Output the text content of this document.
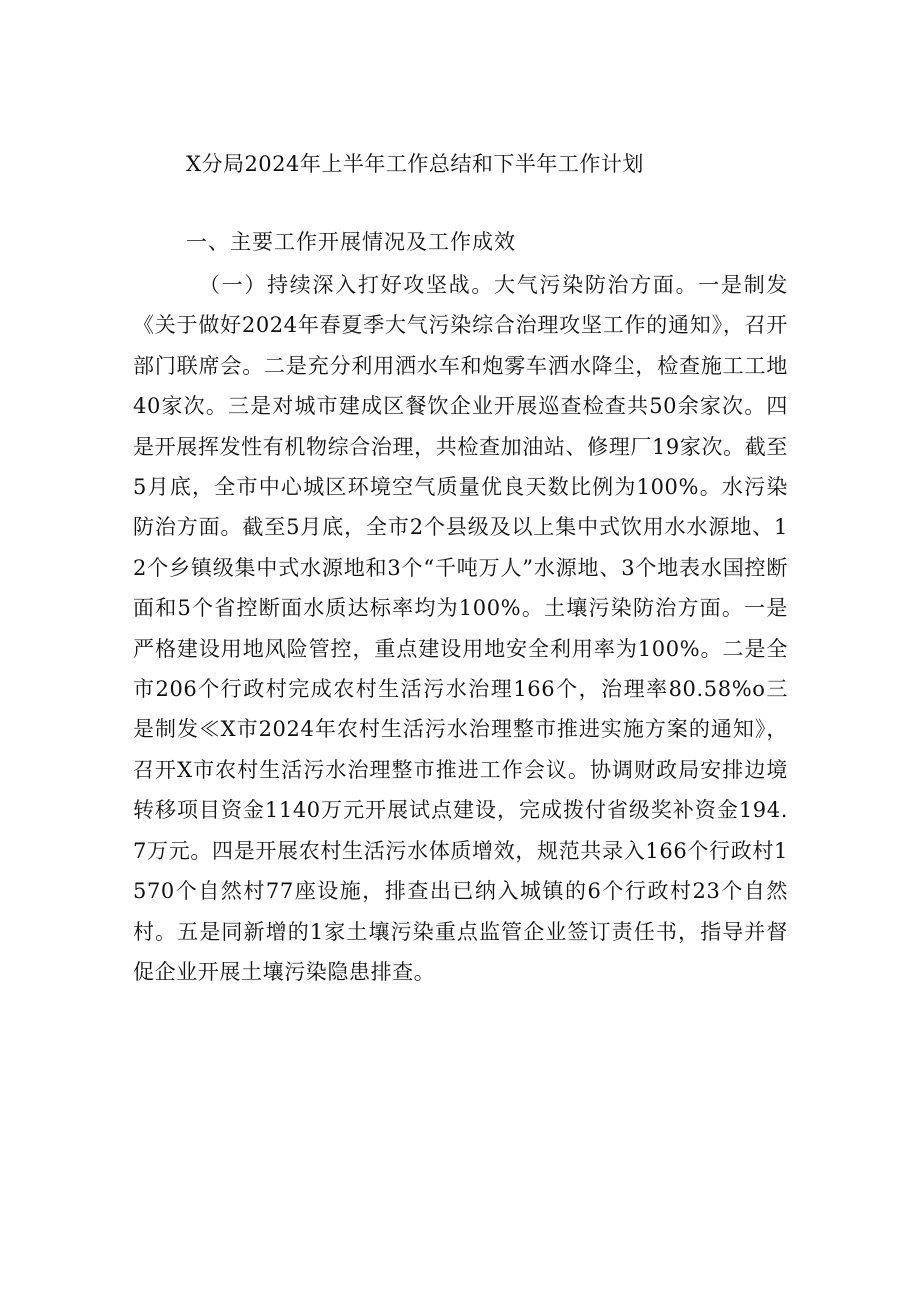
X分局2024年上半年工作总结和下半年工作计划
一、主要工作开展情况及工作成效

（一）持续深入打好攻坚战。大气污染防治方面。一是制发《关于做好2024年春夏季大气污染综合治理攻坚工作的通知》，召开部门联席会。二是充分利用洒水车和炮雾车洒水降尘，检查施工工地40家次。三是对城市建成区餐饮企业开展巡查检查共50余家次。四是开展挥发性有机物综合治理，共检查加油站、修理厂19家次。截至5月底，全市中心城区环境空气质量优良天数比例为100%。水污染防治方面。截至5月底，全市2个县级及以上集中式饮用水水源地、12个乡镇级集中式水源地和3个“千吨万人”水源地、3个地表水国控断面和5个省控断面水质达标率均为100%。土壤污染防治方面。一是严格建设用地风险管控，重点建设用地安全利用率为100%。二是全市206个行政村完成农村生活污水治理166个，治理率80.58%o三是制发≪X市2024年农村生活污水治理整市推进实施方案的通知》，召开X市农村生活污水治理整市推进工作会议。协调财政局安排边境转移项目资金1140万元开展试点建设，完成拨付省级奖补资金194.7万元。四是开展农村生活污水体质增效，规范共录入166个行政村1570个自然村77座设施，排查出已纳入城镇的6个行政村23个自然村。五是同新增的1家土壤污染重点监管企业签订责任书，指导并督促企业开展土壤污染隐患排查。
